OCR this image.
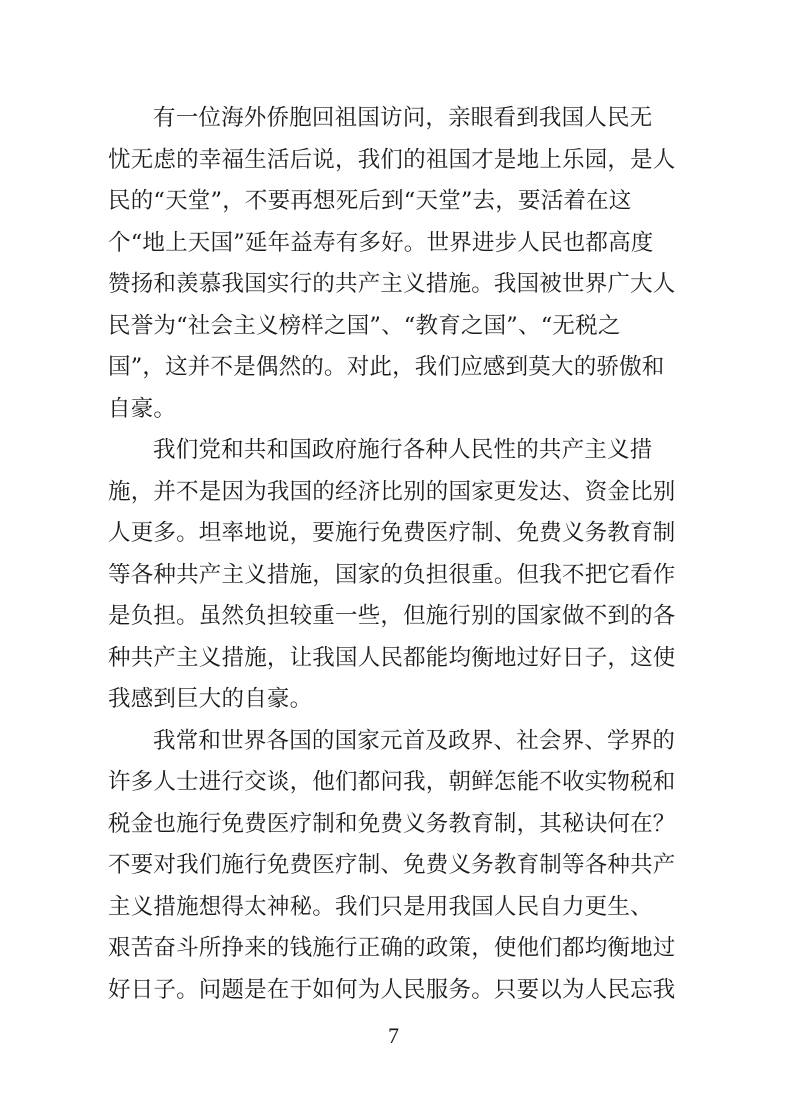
有一位海外侨胞回祖国访问，亲眼看到我国人民无
忧无虑的幸福生活后说，我们的祖国才是地上乐园，是人
民的“天堂”，不要再想死后到“天堂”去，要活着在这
个“地上天国”延年益寿有多好。世界进步人民也都高度
赞扬和羡慕我国实行的共产主义措施。我国被世界广大人
民誉为“社会主义榜样之国”、“教育之国”、“无税之
国”，这并不是偶然的。对此，我们应感到莫大的骄傲和
自豪。
我们党和共和国政府施行各种人民性的共产主义措
施，并不是因为我国的经济比别的国家更发达、资金比别
人更多。坦率地说，要施行免费医疗制、免费义务教育制
等各种共产主义措施，国家的负担很重。但我不把它看作
是负担。虽然负担较重一些，但施行别的国家做不到的各
种共产主义措施，让我国人民都能均衡地过好日子，这使
我感到巨大的自豪。
我常和世界各国的国家元首及政界、社会界、学界的
许多人士进行交谈，他们都问我，朝鲜怎能不收实物税和
税金也施行免费医疗制和免费义务教育制，其秘诀何在？
不要对我们施行免费医疗制、免费义务教育制等各种共产
主义措施想得太神秘。我们只是用我国人民自力更生、
艰苦奋斗所挣来的钱施行正确的政策，使他们都均衡地过
好日子。问题是在于如何为人民服务。只要以为人民忘我
7
